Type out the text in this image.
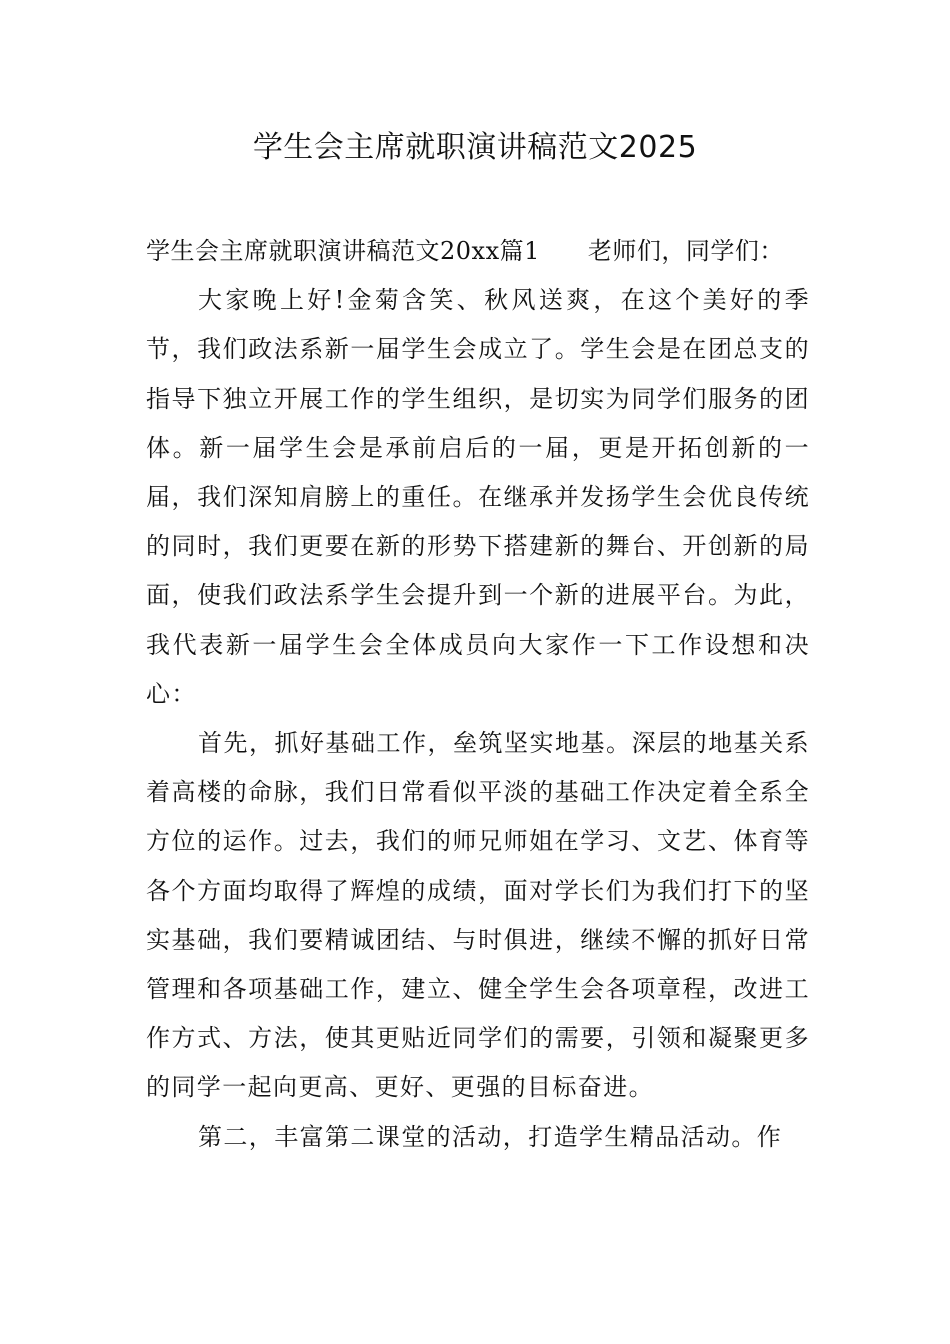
学生会主席就职演讲稿范文2025

学生会主席就职演讲稿范文20xx篇1 老师们，同学们：

大家晚上好!金菊含笑、秋风送爽，在这个美好的季节，我们政法系新一届学生会成立了。学生会是在团总支的指导下独立开展工作的学生组织，是切实为同学们服务的团体。新一届学生会是承前启后的一届，更是开拓创新的一届，我们深知肩膀上的重任。在继承并发扬学生会优良传统的同时，我们更要在新的形势下搭建新的舞台、开创新的局面，使我们政法系学生会提升到一个新的进展平台。为此，我代表新一届学生会全体成员向大家作一下工作设想和决心：

首先，抓好基础工作，垒筑坚实地基。深层的地基关系着高楼的命脉，我们日常看似平淡的基础工作决定着全系全方位的运作。过去，我们的师兄师姐在学习、文艺、体育等各个方面均取得了辉煌的成绩，面对学长们为我们打下的坚实基础，我们要精诚团结、与时俱进，继续不懈的抓好日常管理和各项基础工作，建立、健全学生会各项章程，改进工作方式、方法，使其更贴近同学们的需要，引领和凝聚更多的同学一起向更高、更好、更强的目标奋进。

第二，丰富第二课堂的活动，打造学生精品活动。作
